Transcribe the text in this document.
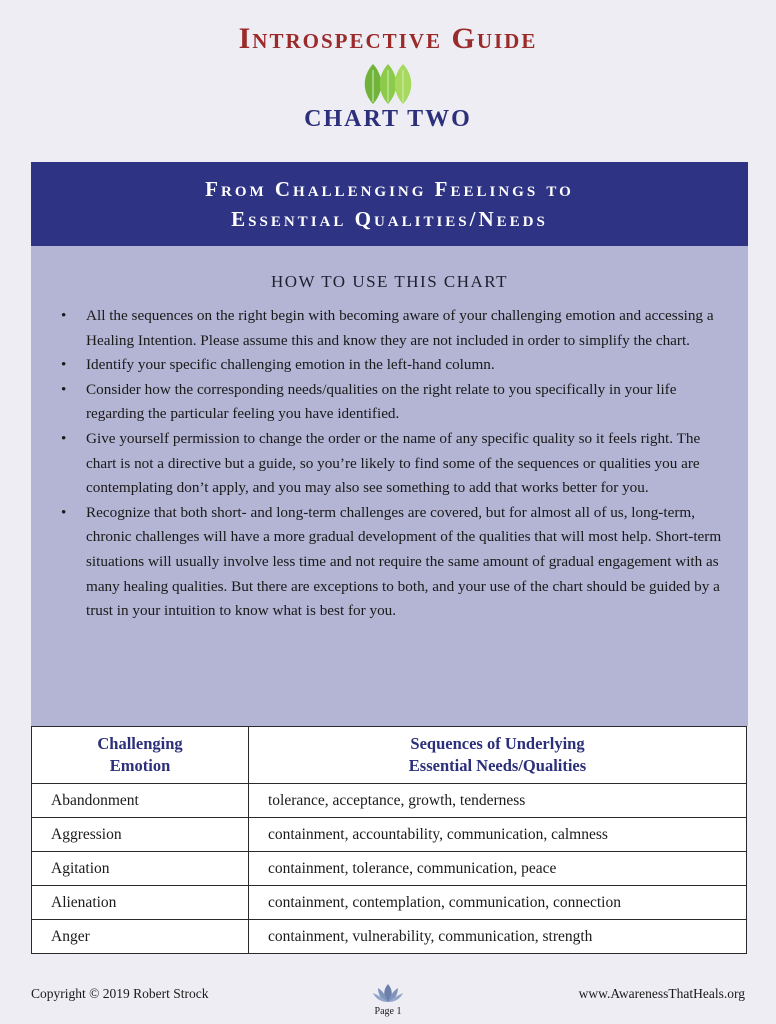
Introspective Guide
CHART TWO
From Challenging Feelings to
Essential Qualities/Needs
HOW TO USE THIS CHART
• All the sequences on the right begin with becoming aware of your challenging emotion and accessing a Healing Intention. Please assume this and know they are not included in order to simplify the chart.
• Identify your specific challenging emotion in the left-hand column.
• Consider how the corresponding needs/qualities on the right relate to you specifically in your life regarding the particular feeling you have identified.
• Give yourself permission to change the order or the name of any specific quality so it feels right. The chart is not a directive but a guide, so you’re likely to find some of the sequences or qualities you are contemplating don’t apply, and you may also see something to add that works better for you.
• Recognize that both short- and long-term challenges are covered, but for almost all of us, long-term, chronic challenges will have a more gradual development of the qualities that will most help. Short-term situations will usually involve less time and not require the same amount of gradual engagement with as many healing qualities. But there are exceptions to both, and your use of the chart should be guided by a trust in your intuition to know what is best for you.
Challenging
Emotion	Sequences of Underlying
Essential Needs/Qualities
Abandonment	tolerance, acceptance, growth, tenderness
Aggression	containment, accountability, communication, calmness
Agitation	containment, tolerance, communication, peace
Alienation	containment, contemplation, communication, connection
Anger	containment, vulnerability, communication, strength
Copyright © 2019 Robert Strock
Page 1
www.AwarenessThatHeals.org
